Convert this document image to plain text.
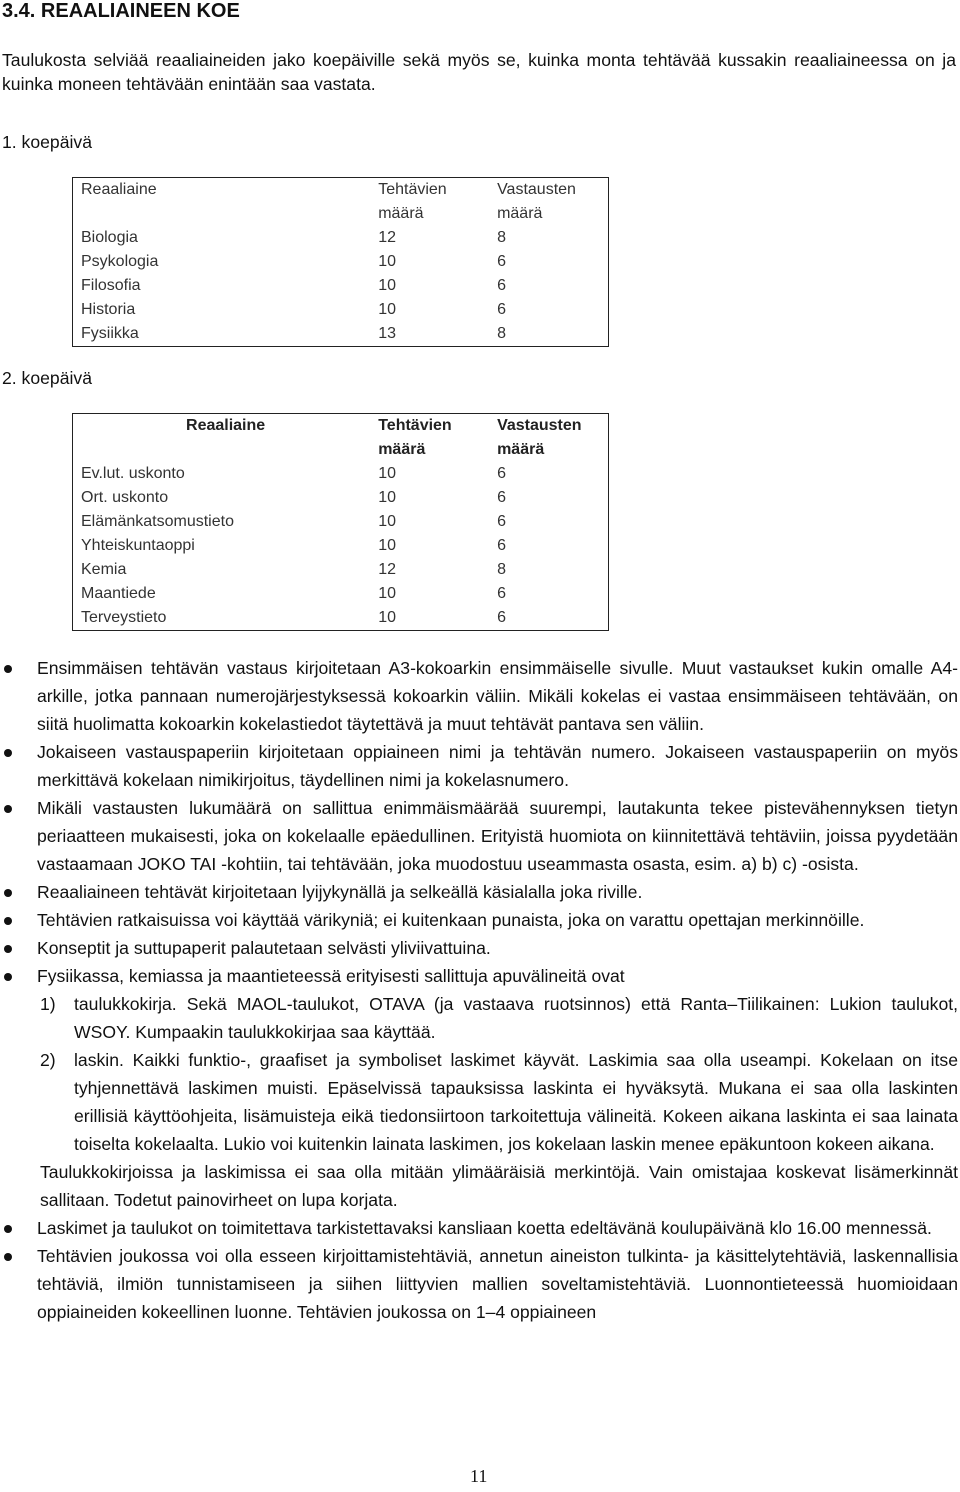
3.4. REAALIAINEEN KOE
Taulukosta selviää reaaliaineiden jako koepäiville sekä myös se, kuinka monta tehtävää kussakin reaaliaineessa on ja kuinka moneen tehtävään enintään saa vastata.
1. koepäivä
Reaaliaine	Tehtävien määrä	Vastausten määrä
Biologia	12	8
Psykologia	10	6
Filosofia	10	6
Historia	10	6
Fysiikka	13	8
2. koepäivä
Reaaliaine	Tehtävien määrä	Vastausten määrä
Ev.lut. uskonto	10	6
Ort. uskonto	10	6
Elämänkatsomustieto	10	6
Yhteiskuntaoppi	10	6
Kemia	12	8
Maantiede	10	6
Terveystieto	10	6
Ensimmäisen tehtävän vastaus kirjoitetaan A3-kokoarkin ensimmäiselle sivulle. Muut vastaukset kukin omalle A4-arkille, jotka pannaan numerojärjestyksessä kokoarkin väliin. Mikäli kokelas ei vastaa ensimmäiseen tehtävään, on siitä huolimatta kokoarkin kokelastiedot täytettävä ja muut tehtävät pantava sen väliin.
Jokaiseen vastauspaperiin kirjoitetaan oppiaineen nimi ja tehtävän numero. Jokaiseen vastauspaperiin on myös merkittävä kokelaan nimikirjoitus, täydellinen nimi ja kokelasnumero.
Mikäli vastausten lukumäärä on sallittua enimmäismäärää suurempi, lautakunta tekee pistevähennyksen tietyn periaatteen mukaisesti, joka on kokelaalle epäedullinen. Erityistä huomiota on kiinnitettävä tehtäviin, joissa pyydetään vastaamaan JOKO TAI -kohtiin, tai tehtävään, joka muodostuu useammasta osasta, esim. a) b) c) -osista.
Reaaliaineen tehtävät kirjoitetaan lyijykynällä ja selkeällä käsialalla joka riville.
Tehtävien ratkaisuissa voi käyttää värikyniä; ei kuitenkaan punaista, joka on varattu opettajan merkinnöille.
Konseptit ja suttupaperit palautetaan selvästi yliviivattuina.
Fysiikassa, kemiassa ja maantieteessä erityisesti sallittuja apuvälineitä ovat
1) taulukkokirja. Sekä MAOL-taulukot, OTAVA (ja vastaava ruotsinnos) että Ranta–Tiilikainen: Lukion taulukot, WSOY. Kumpaakin taulukkokirjaa saa käyttää.
2) laskin. Kaikki funktio-, graafiset ja symboliset laskimet käyvät. Laskimia saa olla useampi. Kokelaan on itse tyhjennettävä laskimen muisti. Epäselvissä tapauksissa laskinta ei hyväksytä. Mukana ei saa olla laskinten erillisiä käyttöohjeita, lisämuisteja eikä tiedonsiirtoon tarkoitettuja välineitä. Kokeen aikana laskinta ei saa lainata toiselta kokelaalta. Lukio voi kuitenkin lainata laskimen, jos kokelaan laskin menee epäkuntoon kokeen aikana.
Taulukkokirjoissa ja laskimissa ei saa olla mitään ylimääräisiä merkintöjä. Vain omistajaa koskevat lisämerkinnät sallitaan. Todetut painovirheet on lupa korjata.
Laskimet ja taulukot on toimitettava tarkistettavaksi kansliaan koetta edeltävänä koulupäivänä klo 16.00 mennessä.
Tehtävien joukossa voi olla esseen kirjoittamistehtäviä, annetun aineiston tulkinta- ja käsittelytehtäviä, laskennallisia tehtäviä, ilmiön tunnistamiseen ja siihen liittyvien mallien soveltamistehtäviä. Luonnontieteessä huomioidaan oppiaineiden kokeellinen luonne. Tehtävien joukossa on 1–4 oppiaineen
11
